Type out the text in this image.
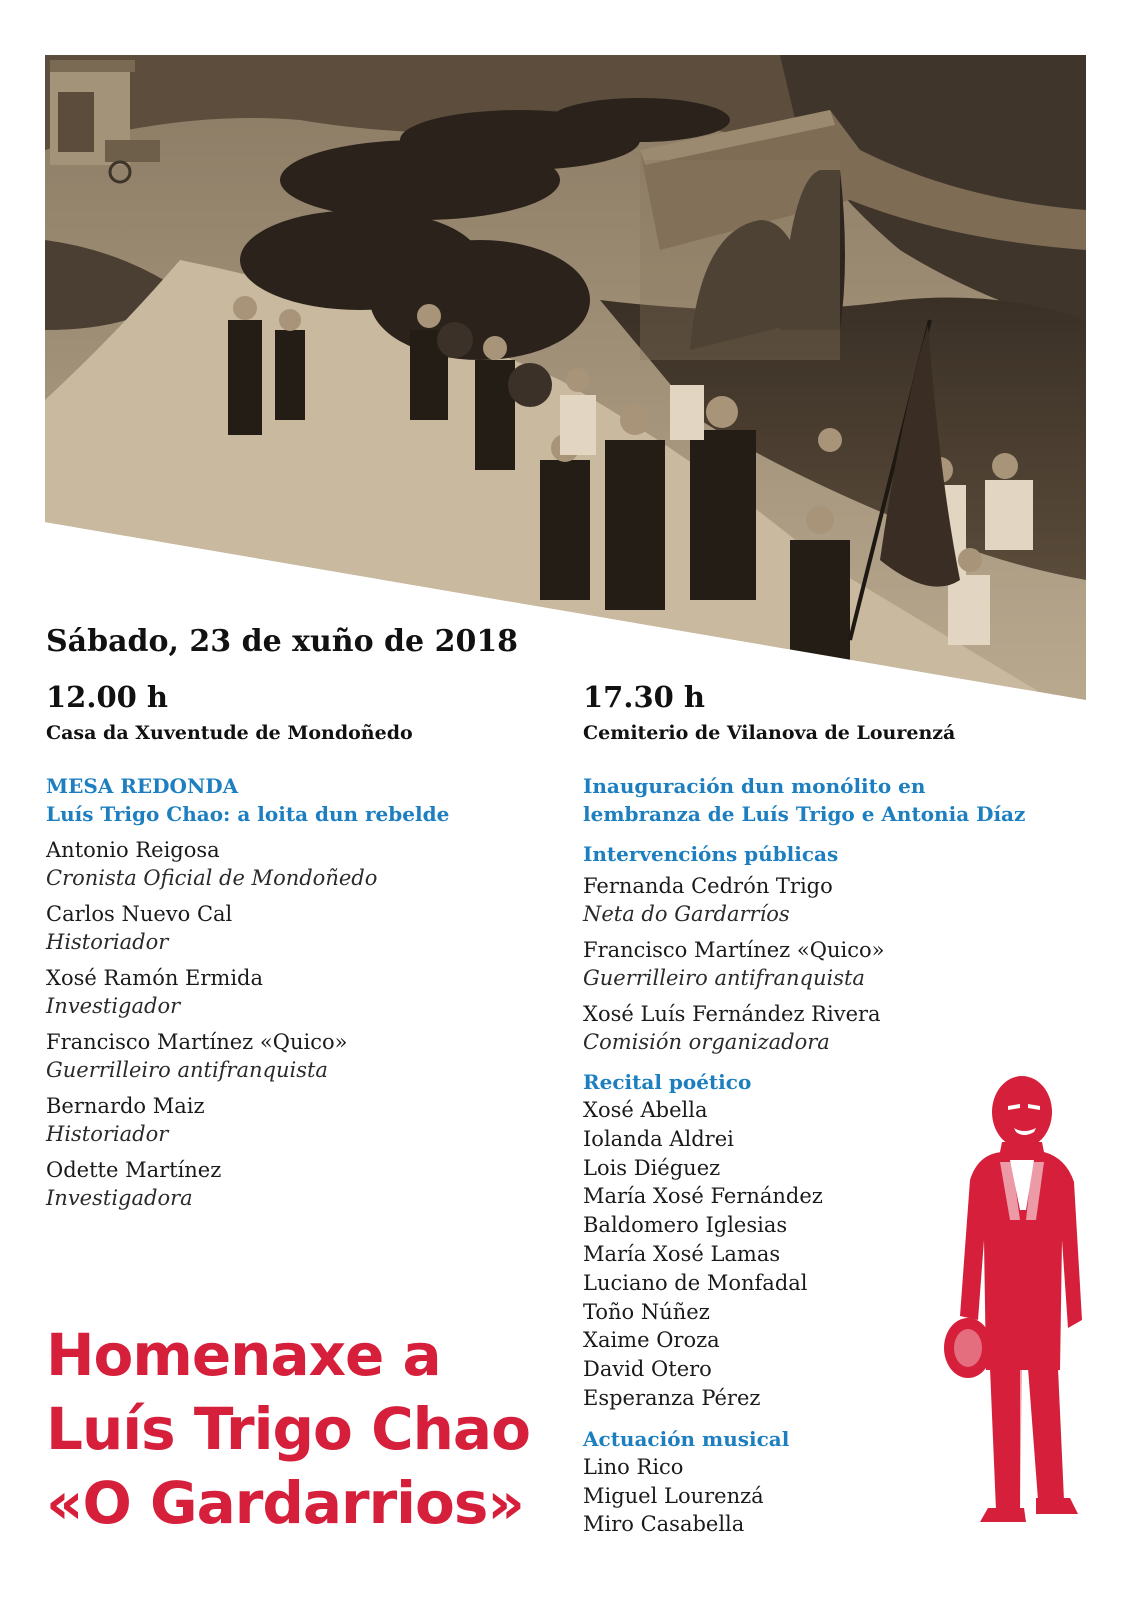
Sábado, 23 de xuño de 2018
12.00 h
Casa da Xuventude de Mondoñedo
MESA REDONDA
Luís Trigo Chao: a loita dun rebelde
Antonio Reigosa
Cronista Oficial de Mondoñedo
Carlos Nuevo Cal
Historiador
Xosé Ramón Ermida
Investigador
Francisco Martínez «Quico»
Guerrilleiro antifranquista
Bernardo Maiz
Historiador
Odette Martínez
Investigadora
17.30 h
Cemiterio de Vilanova de Lourenzá
Inauguración dun monólito en
lembranza de Luís Trigo e Antonia Díaz
Intervencións públicas
Fernanda Cedrón Trigo
Neta do Gardarríos
Francisco Martínez «Quico»
Guerrilleiro antifranquista
Xosé Luís Fernández Rivera
Comisión organizadora
Recital poético
Xosé Abella
Iolanda Aldrei
Lois Diéguez
María Xosé Fernández
Baldomero Iglesias
María Xosé Lamas
Luciano de Monfadal
Toño Núñez
Xaime Oroza
David Otero
Esperanza Pérez
Actuación musical
Lino Rico
Miguel Lourenzá
Miro Casabella
Homenaxe a
Luís Trigo Chao
«O Gardarrios»
